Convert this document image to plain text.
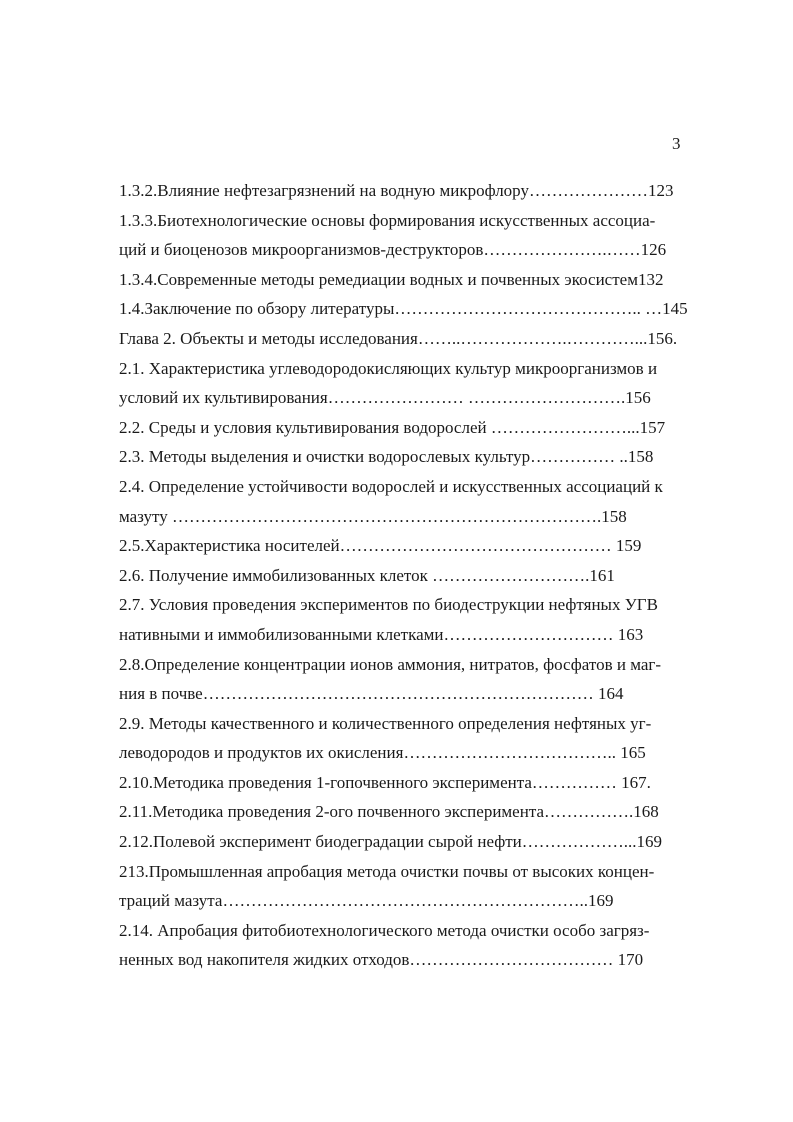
3
1.3.2.Влияние нефтезагрязнений на водную микрофлору…………………123
1.3.3.Биотехнологические основы формирования искусственных ассоциа-
ций и биоценозов микроорганизмов-деструкторов………………….……126
1.3.4.Современные методы ремедиации водных и почвенных экосистем132
1.4.Заключение по обзору литературы…………………………………….. …145
Глава 2. Объекты и методы исследования……..……………….…………...156.
2.1. Характеристика углеводородокисляющих культур микроорганизмов и
условий их культивирования…………………… ……………………….156
2.2. Среды и условия культивирования водорослей ……………………...157
2.3. Методы выделения и очистки водорослевых культур…………… ..158
2.4. Определение устойчивости водорослей и искусственных ассоциаций к
мазуту ………………………………………………………………….158
2.5.Характеристика носителей………………………………………… 159
2.6. Получение иммобилизованных клеток ……………………….161
2.7. Условия проведения экспериментов по биодеструкции нефтяных УГВ
нативными и иммобилизованными клетками………………………… 163
2.8.Определение концентрации ионов аммония, нитратов, фосфатов и маг-
ния в почве…………………………………………………………… 164
2.9. Методы качественного и количественного определения нефтяных уг-
леводородов и продуктов их окисления……………………………….. 165
2.10.Методика проведения 1-гопочвенного эксперимента…………… 167.
2.11.Методика проведения 2-ого почвенного эксперимента…………….168
2.12.Полевой эксперимент биодеградации сырой нефти………………...169
213.Промышленная апробация метода очистки почвы от высоких концен-
траций мазута………………………………………………………..169
2.14. Апробация фитобиотехнологического метода очистки особо загряз-
ненных вод накопителя жидких отходов……………………………… 170
